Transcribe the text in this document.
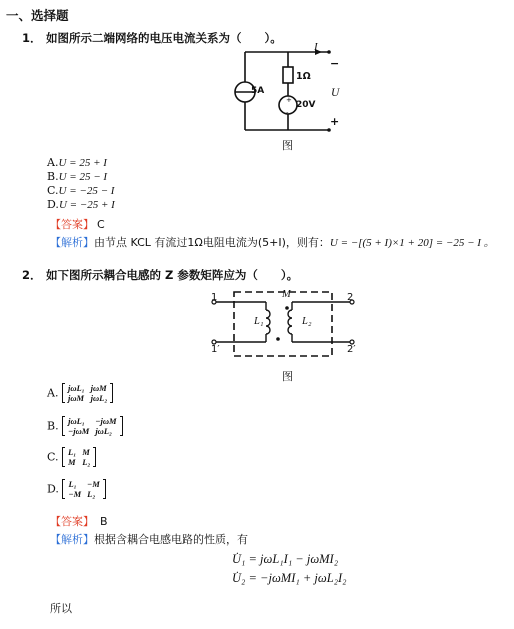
一、选择题
1． 如图所示二端网络的电压电流关系为（　　）。
+
-
I
1Ω
5A
20V
U
−
+
图
A.U = 25 + I
B.U = 25 − I
C.U = −25 − I
D.U = −25 + I
【答案】 C
【解析】由节点 KCL 有流过1Ω电阻电流为(5+I)，则有：U = −[(5 + I)×1 + 20] = −25 − I 。
2． 如下图所示耦合电感的 Z 参数矩阵应为（　　）。
1
1′
2
2′
M
L₁	L₂
图
A. jωL₁	jωM
jωM	jωL₂
B. jωL₁	−jωM
−jωM	jωL₂
C. L₁	M
M	L₂
D. L₁	−M
−M	L₂
【答案】 B
【解析】根据含耦合电感电路的性质，有
U̇₁ = jωL₁I₁ − jωMI₂
U̇₂ = −jωMI₁ + jωL₂I₂
所以
